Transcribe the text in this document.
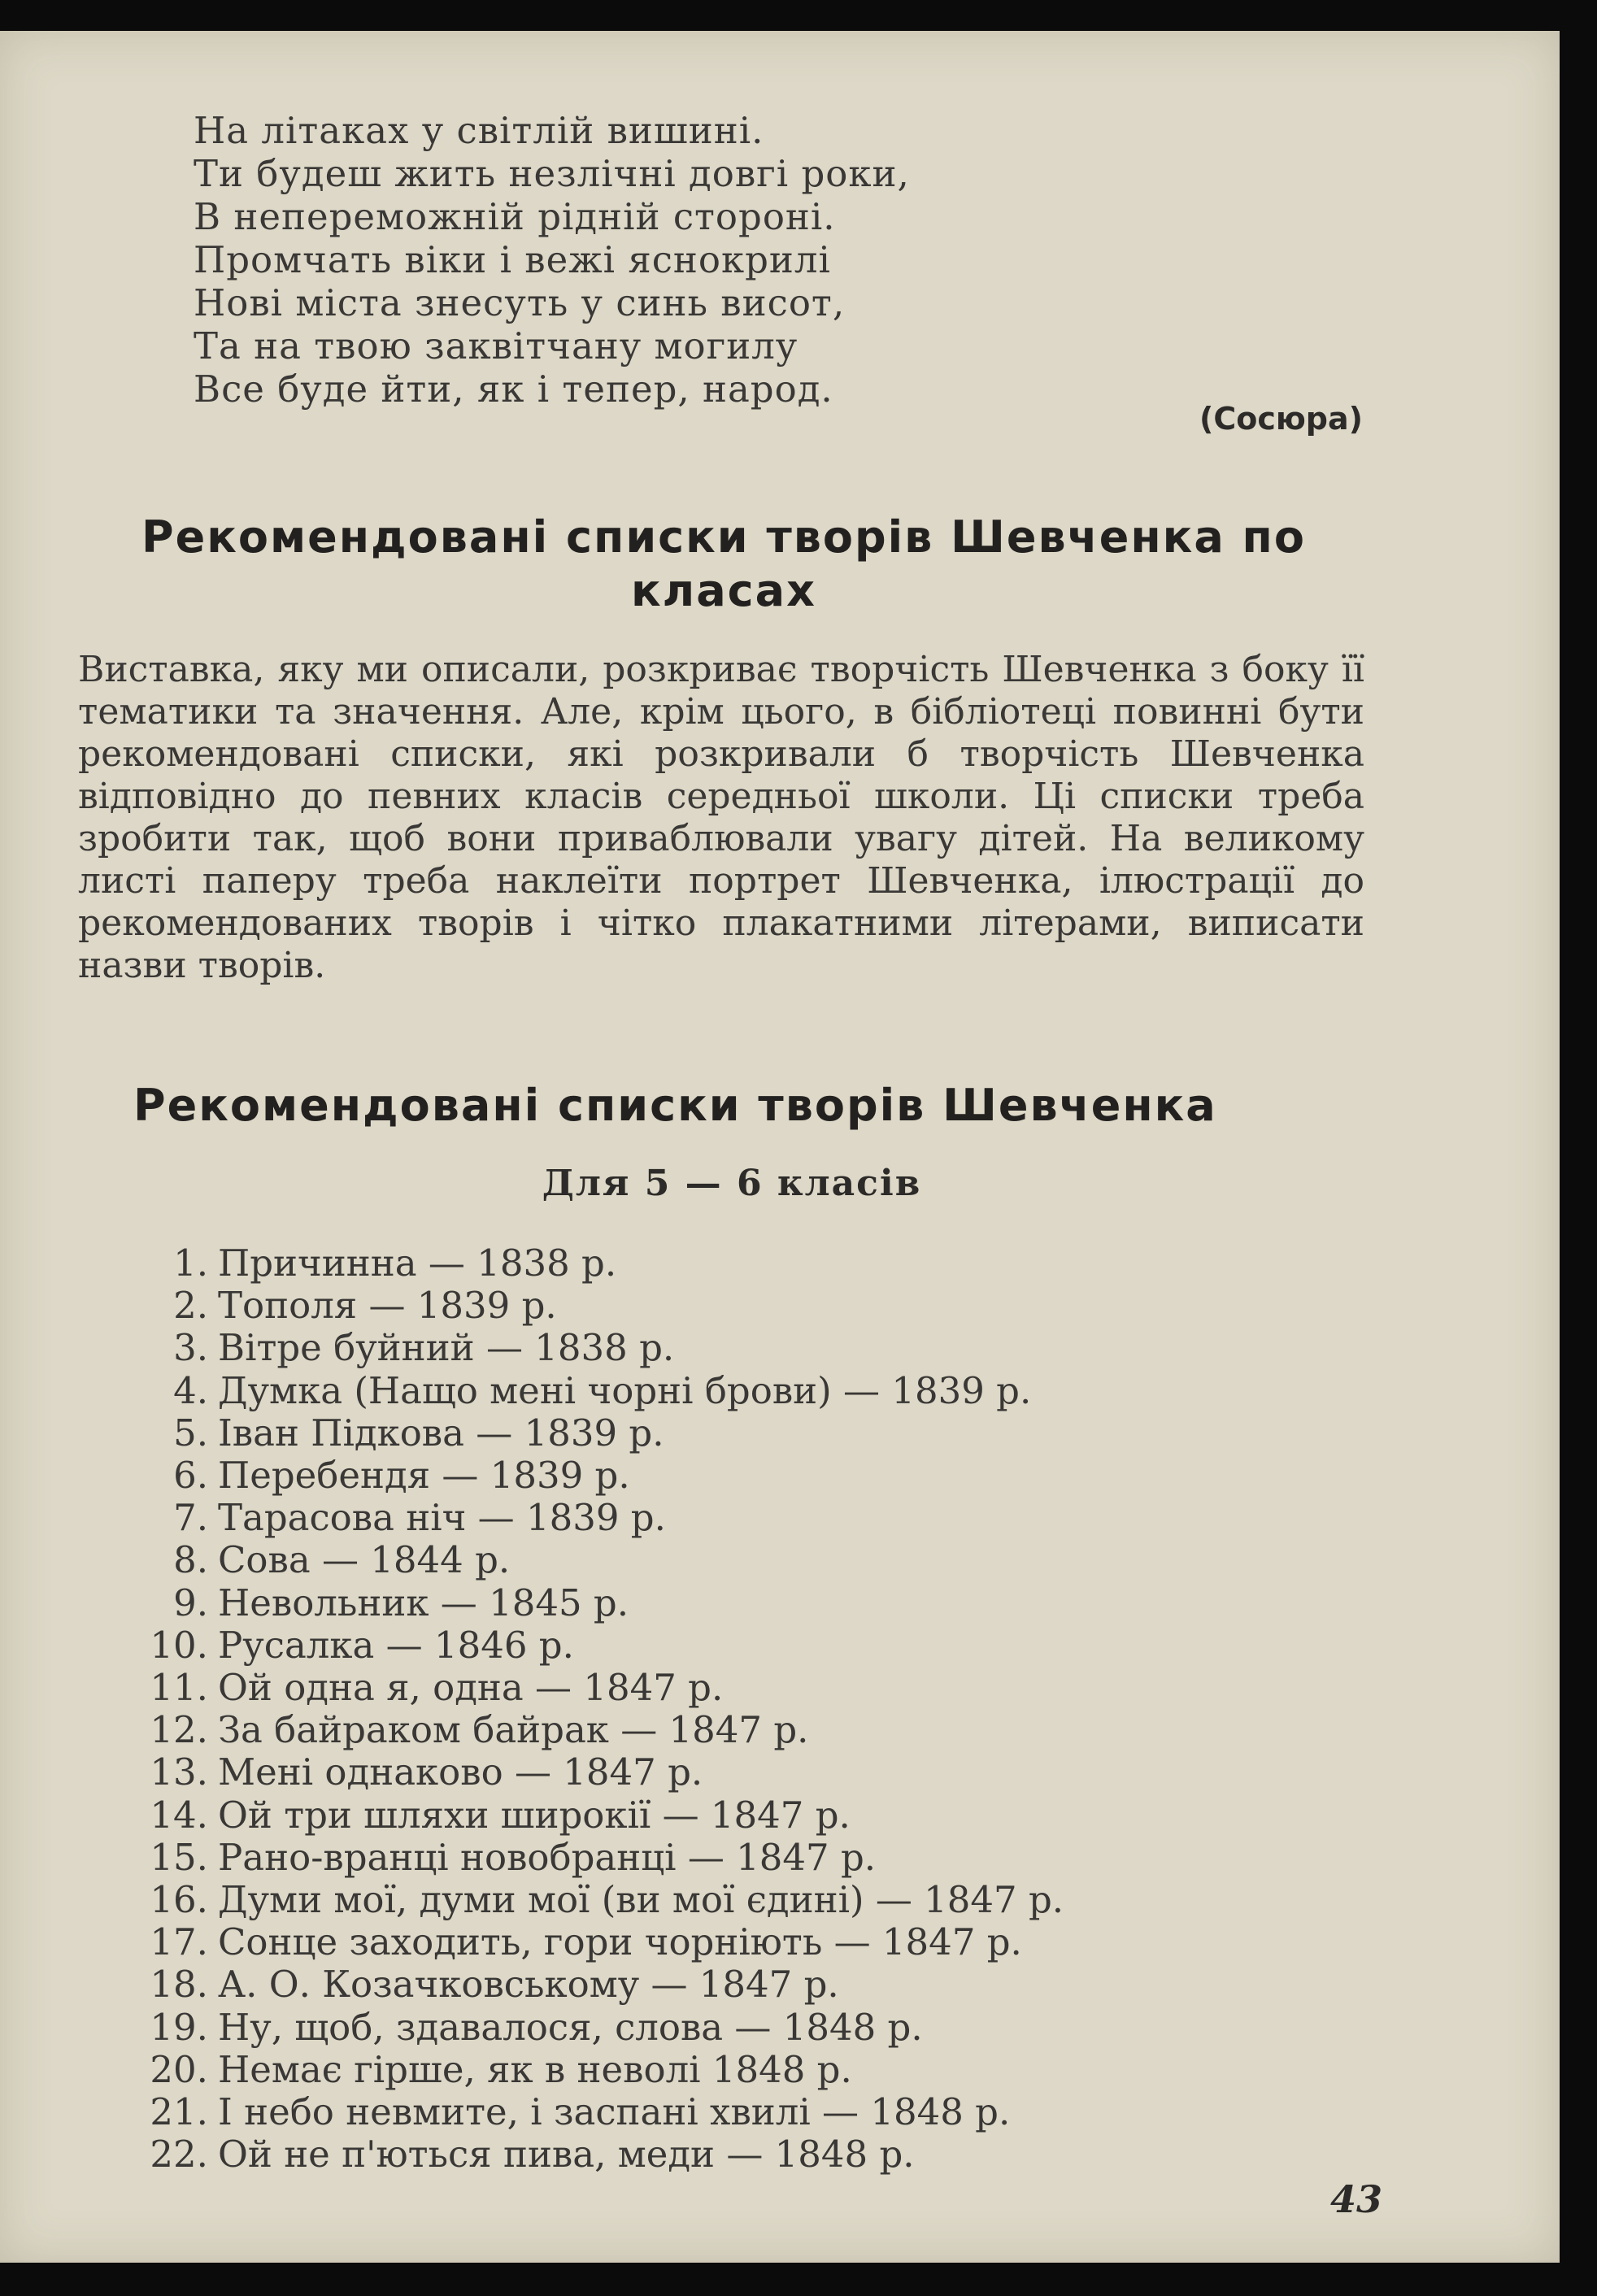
На літаках у світлій вишині.
Ти будеш жить незлічні довгі роки,
В непереможній рідній стороні.
Промчать віки і вежі яснокрилі
Нові міста знесуть у синь висот,
Та на твою заквітчану могилу
Все буде йти, як і тепер, народ.
(Сосюра)
Рекомендовані списки творів Шевченка по
класах
Виставка, яку ми описали, розкриває творчість Шевченка з боку її тематики та значення. Але, крім цього, в бібліотеці повинні бути рекомендовані списки, які розкривали б творчість Шевченка відповідно до певних класів середньої школи. Ці списки треба зробити так, щоб вони приваблювали увагу дітей. На великому листі паперу треба наклеїти портрет Шевченка, ілюстрації до рекомендованих творів і чітко плакатними літерами, виписати назви творів.
Рекомендовані списки творів Шевченка
Для 5 — 6 класів
1. Причинна — 1838 р.
2. Тополя — 1839 р.
3. Вітре буйний — 1838 р.
4. Думка (Нащо мені чорні брови) — 1839 р.
5. Іван Підкова — 1839 р.
6. Перебендя — 1839 р.
7. Тарасова ніч — 1839 р.
8. Сова — 1844 р.
9. Невольник — 1845 р.
10. Русалка — 1846 р.
11. Ой одна я, одна — 1847 р.
12. За байраком байрак — 1847 р.
13. Мені однаково — 1847 р.
14. Ой три шляхи широкії — 1847 р.
15. Рано-вранці новобранці — 1847 р.
16. Думи мої, думи мої (ви мої єдині) — 1847 р.
17. Сонце заходить, гори чорніють — 1847 р.
18. А. О. Козачковському — 1847 р.
19. Ну, щоб, здавалося, слова — 1848 р.
20. Немає гірше, як в неволі 1848 р.
21. І небо невмите, і заспані хвилі — 1848 р.
22. Ой не п'ються пива, меди — 1848 р.
43
